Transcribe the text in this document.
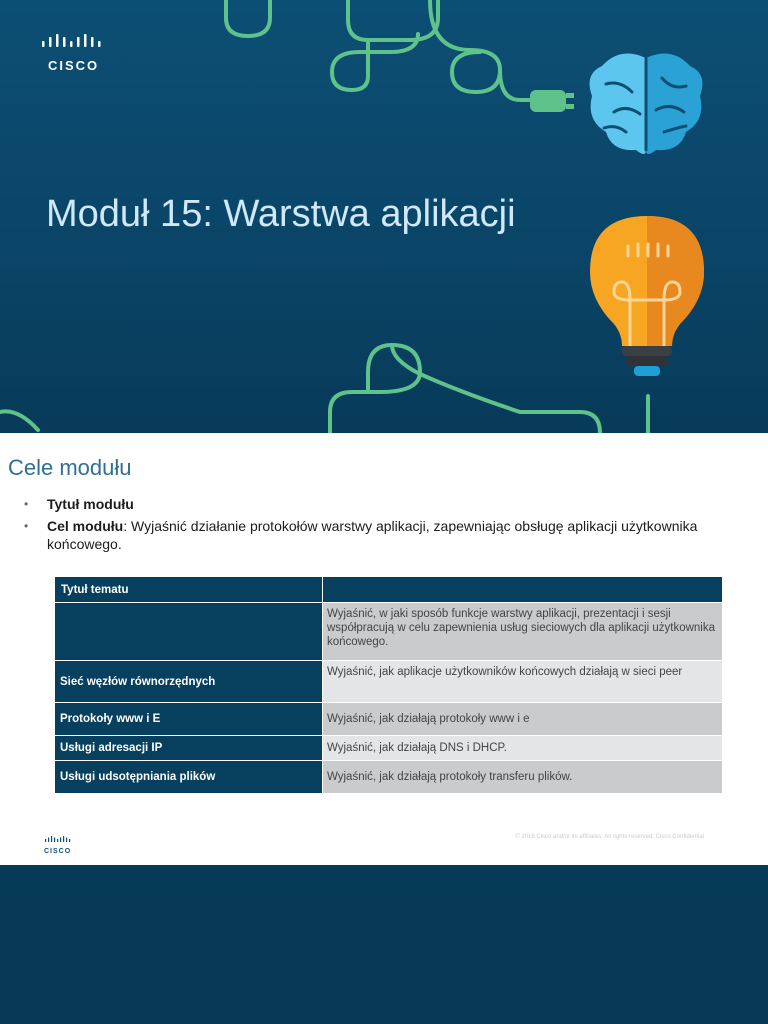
CISCO
Moduł 15: Warstwa aplikacji
Cele modułu
• Tytuł modułu
• Cel modułu: Wyjaśnić działanie protokołów warstwy aplikacji, zapewniając obsługę aplikacji użytkownika końcowego.
Tytuł tematu	
	Wyjaśnić, w jaki sposób funkcje warstwy aplikacji, prezentacji i sesji współpracują w celu zapewnienia usług sieciowych dla aplikacji użytkownika końcowego.
Sieć węzłów równorzędnych	Wyjaśnić, jak aplikacje użytkowników końcowych działają w sieci peer
Protokoły www i E	Wyjaśnić, jak działają protokoły www i e
Usługi adresacji IP	Wyjaśnić, jak działają DNS i DHCP.
Usługi udsotępniania plików	Wyjaśnić, jak działają protokoły transferu plików.
CISCO
© 2016 Cisco and/or its affiliates. All rights reserved. Cisco Confidential
